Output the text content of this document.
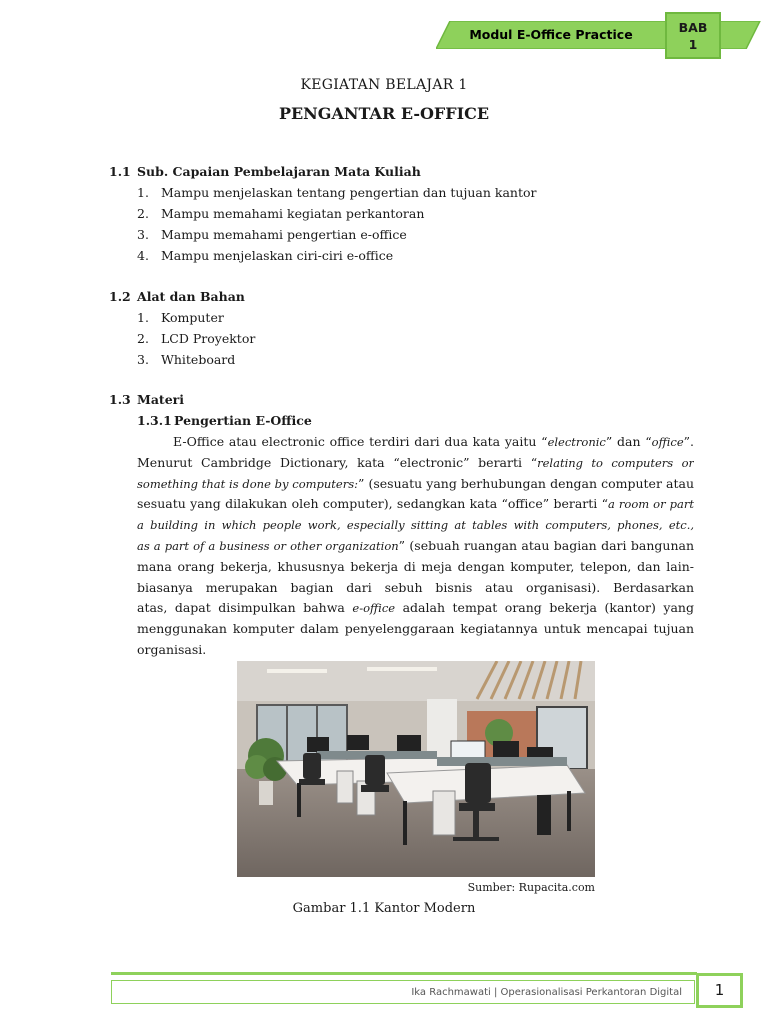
Modul E-Office Practice	BAB
1
KEGIATAN BELAJAR 1
PENGANTAR E-OFFICE
1.1 Sub. Capaian Pembelajaran Mata Kuliah
1. Mampu menjelaskan tentang pengertian dan tujuan kantor
2. Mampu memahami kegiatan perkantoran
3. Mampu memahami pengertian e-office
4. Mampu menjelaskan ciri-ciri e-office
1.2 Alat dan Bahan
1. Komputer
2. LCD Proyektor
3. Whiteboard
1.3 Materi
1.3.1 Pengertian E-Office
E-Office atau electronic office terdiri dari dua kata yaitu “electronic” dan “office”.
Menurut Cambridge Dictionary, kata “electronic” berarti “relating to computers or
something that is done by computers:” (sesuatu yang berhubungan dengan computer atau
sesuatu yang dilakukan oleh computer), sedangkan kata “office” berarti “a room or part
a building in which people work, especially sitting at tables with computers, phones, etc.,
as a part of a business or other organization” (sebuah ruangan atau bagian dari bangunan
mana orang bekerja, khususnya bekerja di meja dengan komputer, telepon, dan lain-
biasanya merupakan bagian dari sebuh bisnis atau organisasi). Berdasarkan
atas, dapat disimpulkan bahwa e-office adalah tempat orang bekerja (kantor) yang
menggunakan komputer dalam penyelenggaraan kegiatannya untuk mencapai tujuan
organisasi.
Sumber: Rupacita.com
Gambar 1.1 Kantor Modern
Ika Rachmawati | Operasionalisasi Perkantoran Digital	1
